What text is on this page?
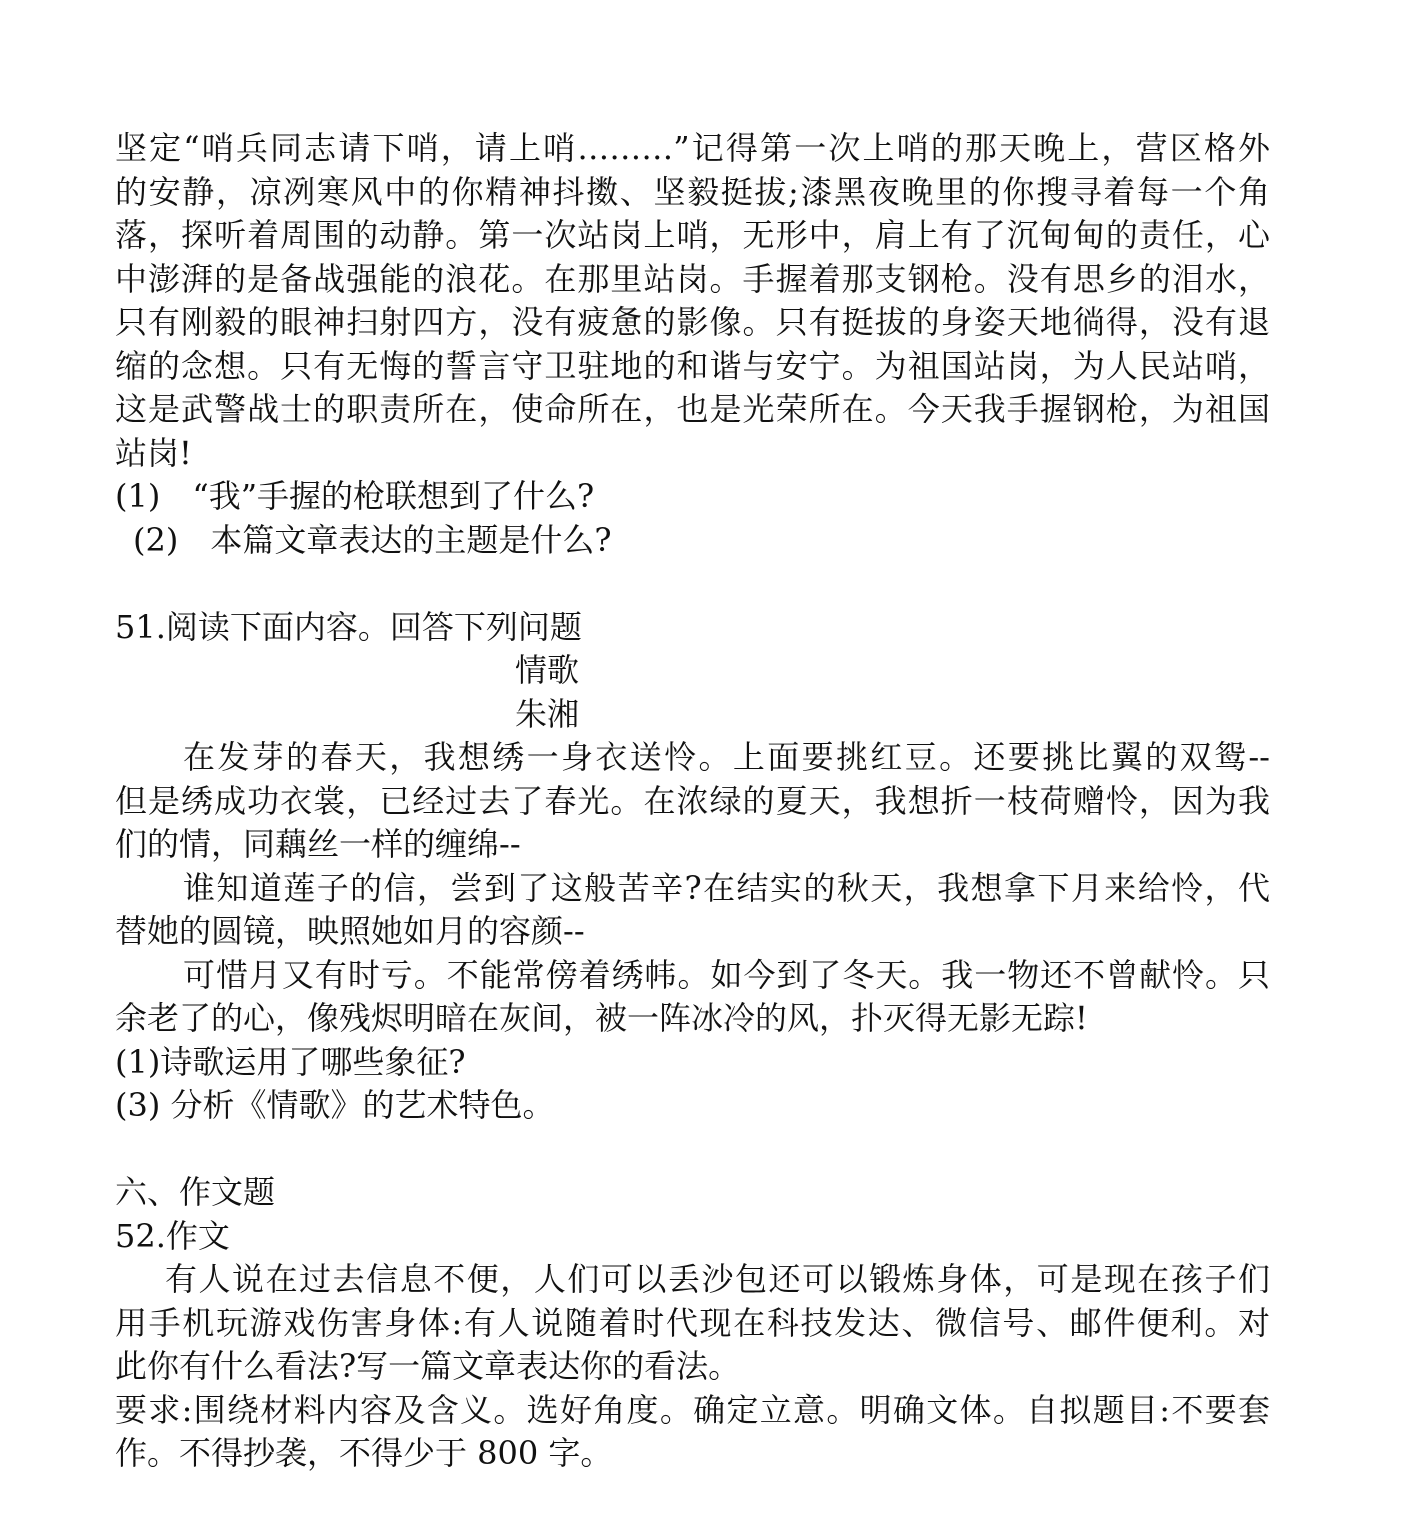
坚定“哨兵同志请下哨，请上哨………”记得第一次上哨的那天晚上，营区格外
的安静，凉冽寒风中的你精神抖擞、坚毅挺拔;漆黑夜晚里的你搜寻着每一个角
落，探听着周围的动静。第一次站岗上哨，无形中，肩上有了沉甸甸的责任，心
中澎湃的是备战强能的浪花。在那里站岗。手握着那支钢枪。没有思乡的泪水，
只有刚毅的眼神扫射四方，没有疲惫的影像。只有挺拔的身姿天地徜得，没有退
缩的念想。只有无悔的誓言守卫驻地的和谐与安宁。为祖国站岗，为人民站哨，
这是武警战士的职责所在，使命所在，也是光荣所在。今天我手握钢枪，为祖国
站岗!
(1)　“我”手握的枪联想到了什么?
(2)　本篇文章表达的主题是什么?
51.阅读下面内容。回答下列问题
情歌
朱湘
在发芽的春天，我想绣一身衣送怜。上面要挑红豆。还要挑比翼的双鸳--
但是绣成功衣裳，已经过去了春光。在浓绿的夏天，我想折一枝荷赠怜，因为我
们的情，同藕丝一样的缠绵--
谁知道莲子的信，尝到了这般苦辛?在结实的秋天，我想拿下月来给怜，代
替她的圆镜，映照她如月的容颜--
可惜月又有时亏。不能常傍着绣帏。如今到了冬天。我一物还不曾献怜。只
余老了的心，像残烬明暗在灰间，被一阵冰冷的风，扑灭得无影无踪!
(1)诗歌运用了哪些象征?
(3) 分析《情歌》的艺术特色。
六、作文题
52.作文
有人说在过去信息不便，人们可以丢沙包还可以锻炼身体，可是现在孩子们
用手机玩游戏伤害身体:有人说随着时代现在科技发达、微信号、邮件便利。对
此你有什么看法?写一篇文章表达你的看法。
要求:围绕材料内容及含义。选好角度。确定立意。明确文体。自拟题目:不要套
作。不得抄袭，不得少于 800 字。
